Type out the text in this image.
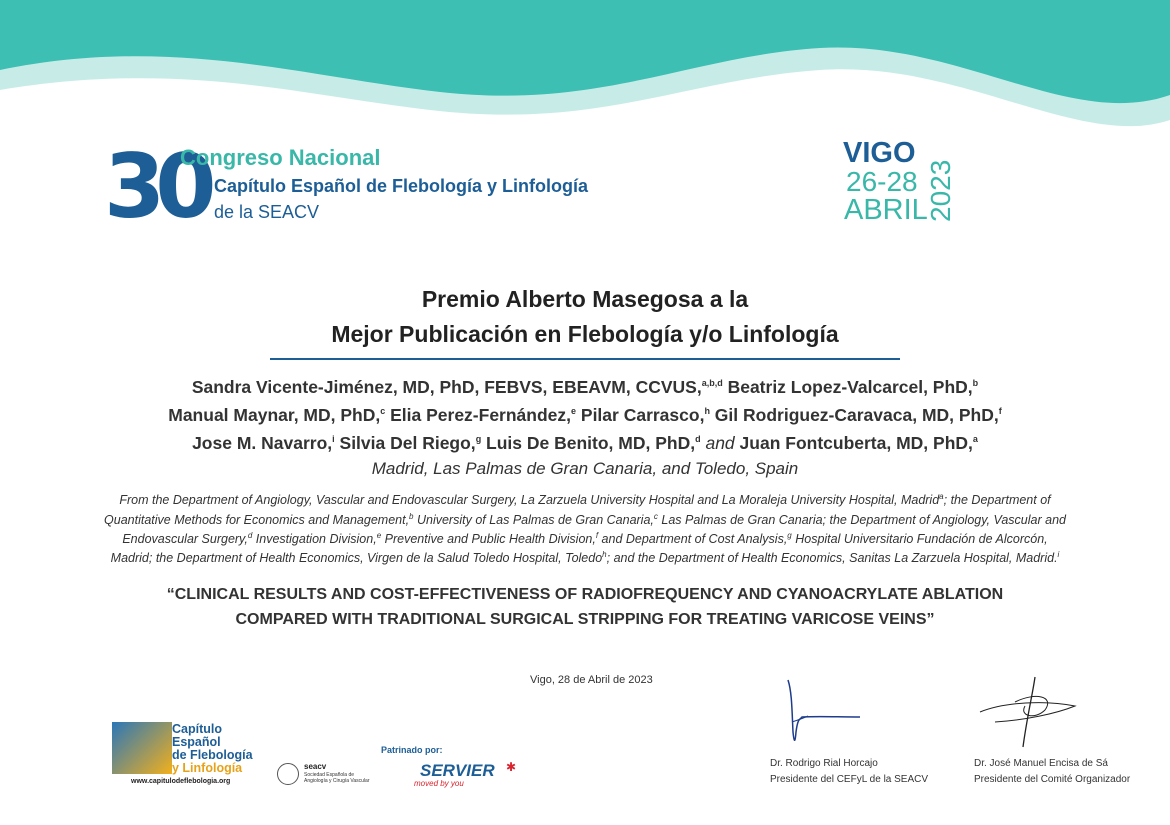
30
Congreso Nacional
Capítulo Español de Flebología y Linfología
de la SEACV
VIGO
26-28
ABRIL
2023
Premio Alberto Masegosa a la
Mejor Publicación en Flebología y/o Linfología
Sandra Vicente-Jiménez, MD, PhD, FEBVS, EBEAVM, CCVUS,$^{a,b,d}$ Beatriz Lopez-Valcarcel, PhD,$^b$
Manual Maynar, MD, PhD,$^c$ Elia Perez-Fernández,$^e$ Pilar Carrasco,$^h$ Gil Rodriguez-Caravaca, MD, PhD,$^f$
Jose M. Navarro,$^i$ Silvia Del Riego,$^g$ Luis De Benito, MD, PhD,$^d$ and Juan Fontcuberta, MD, PhD,$^a$
Madrid, Las Palmas de Gran Canaria, and Toledo, Spain
From the Department of Angiology, Vascular and Endovascular Surgery, La Zarzuela University Hospital and La Moraleja University Hospital, Madrid$^a$; the Department of
Quantitative Methods for Economics and Management,$^b$ University of Las Palmas de Gran Canaria,$^c$ Las Palmas de Gran Canaria; the Department of Angiology, Vascular and
Endovascular Surgery,$^d$ Investigation Division,$^e$ Preventive and Public Health Division,$^f$ and Department of Cost Analysis,$^g$ Hospital Universitario Fundación de Alcorcón,
Madrid; the Department of Health Economics, Virgen de la Salud Toledo Hospital, Toledo$^h$; and the Department of Health Economics, Sanitas La Zarzuela Hospital, Madrid.$^i$
“CLINICAL RESULTS AND COST-EFFECTIVENESS OF RADIOFREQUENCY AND CYANOACRYLATE ABLATION
COMPARED WITH TRADITIONAL SURGICAL STRIPPING FOR TREATING VARICOSE VEINS”
Vigo, 28 de Abril de 2023
Dr. Rodrigo Rial Horcajo
Presidente del CEFyL de la SEACV
Dr. José Manuel Encisa de Sá
Presidente del Comité Organizador
Capítulo
Español
de Flebología
y Linfología
www.capitulodeflebologia.org
seacv
Sociedad Española de Angiología y Cirugía Vascular
Patrinado por:
SERVIER ✱
moved by you
